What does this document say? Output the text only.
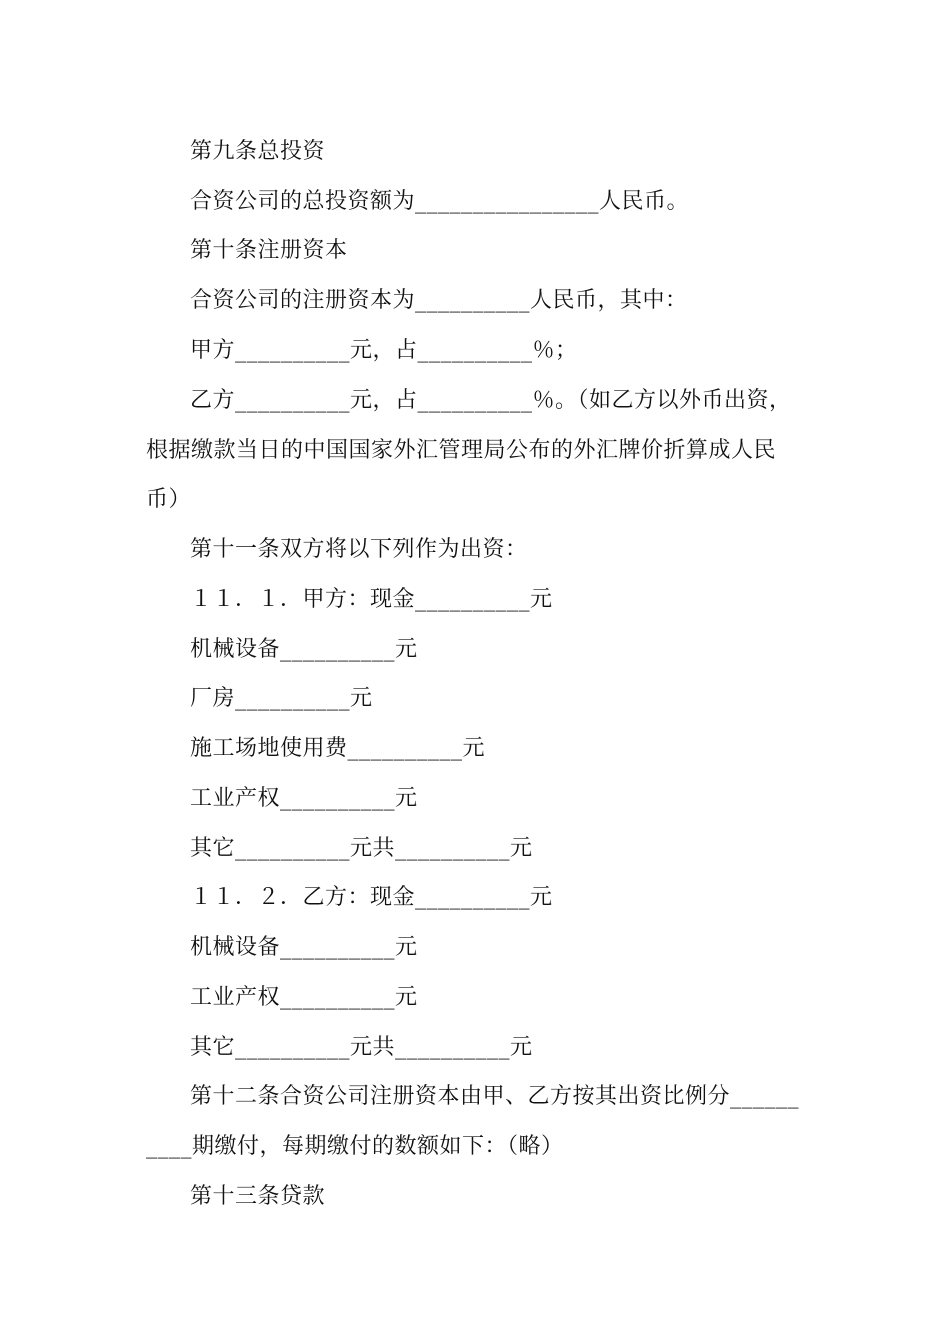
第九条总投资
合资公司的总投资额为________________人民币。
第十条注册资本
合资公司的注册资本为__________人民币，其中：
甲方__________元，占__________％；
乙方__________元，占__________％。（如乙方以外币出资，
根据缴款当日的中国国家外汇管理局公布的外汇牌价折算成人民
币）
第十一条双方将以下列作为出资：
１１．１．甲方：现金__________元
机械设备__________元
厂房__________元
施工场地使用费__________元
工业产权__________元
其它__________元共__________元
１１．２．乙方：现金__________元
机械设备__________元
工业产权__________元
其它__________元共__________元
第十二条合资公司注册资本由甲、乙方按其出资比例分______
____期缴付，每期缴付的数额如下：（略）
第十三条贷款
